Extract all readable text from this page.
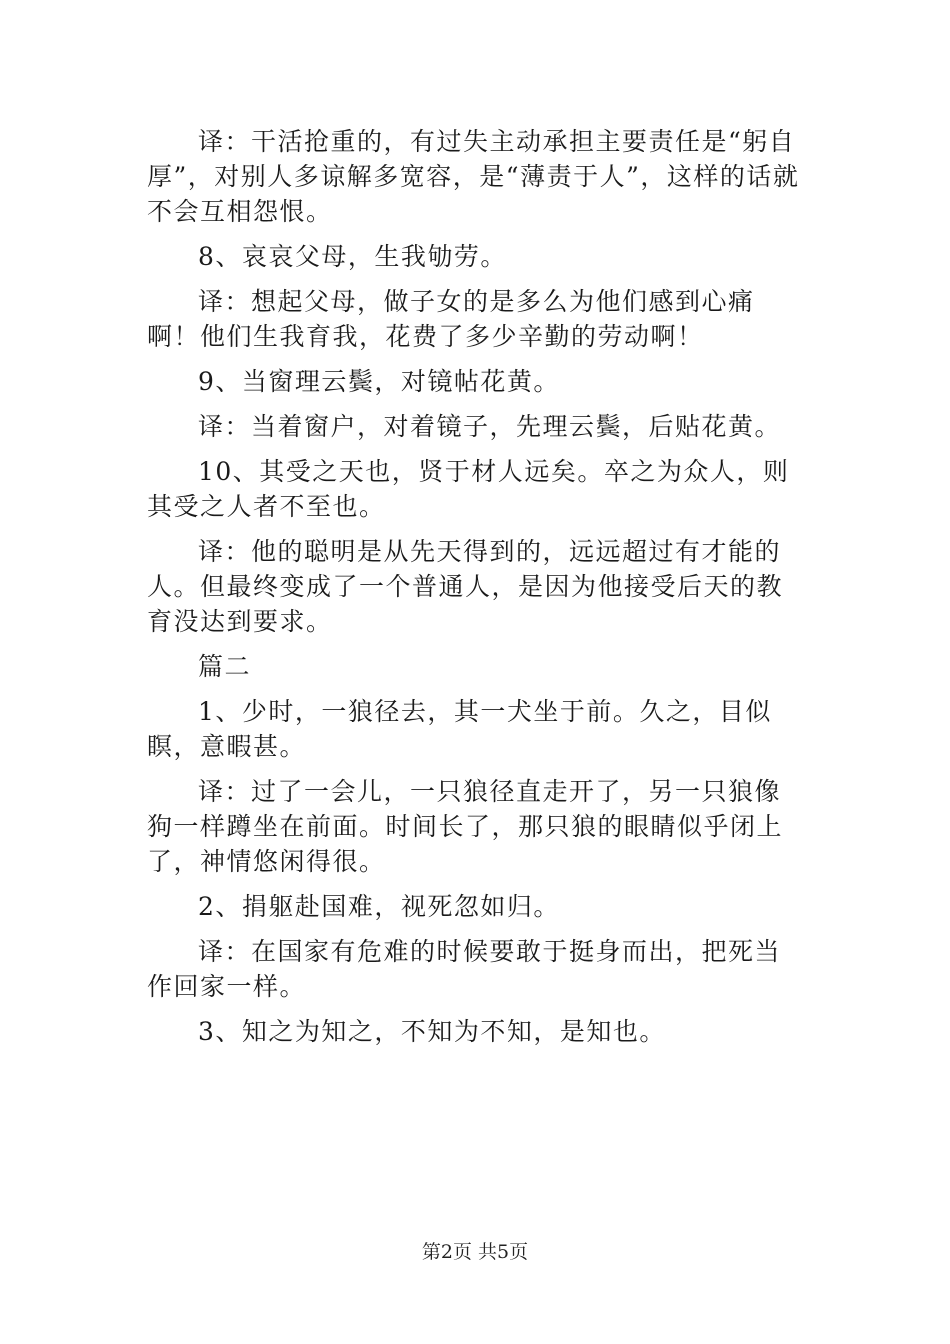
译：干活抢重的，有过失主动承担主要责任是“躬自厚”，对别人多谅解多宽容，是“薄责于人”，这样的话就不会互相怨恨。

8、哀哀父母，生我劬劳。

译：想起父母，做子女的是多么为他们感到心痛啊！他们生我育我，花费了多少辛勤的劳动啊！

9、当窗理云鬓，对镜帖花黄。

译：当着窗户，对着镜子，先理云鬓，后贴花黄。

10、其受之天也，贤于材人远矣。卒之为众人，则其受之人者不至也。

译：他的聪明是从先天得到的，远远超过有才能的人。但最终变成了一个普通人，是因为他接受后天的教育没达到要求。

篇二

1、少时，一狼径去，其一犬坐于前。久之，目似瞑，意暇甚。

译：过了一会儿，一只狼径直走开了，另一只狼像狗一样蹲坐在前面。时间长了，那只狼的眼睛似乎闭上了，神情悠闲得很。

2、捐躯赴国难，视死忽如归。

译：在国家有危难的时候要敢于挺身而出，把死当作回家一样。

3、知之为知之，不知为不知，是知也。

第2页 共5页
